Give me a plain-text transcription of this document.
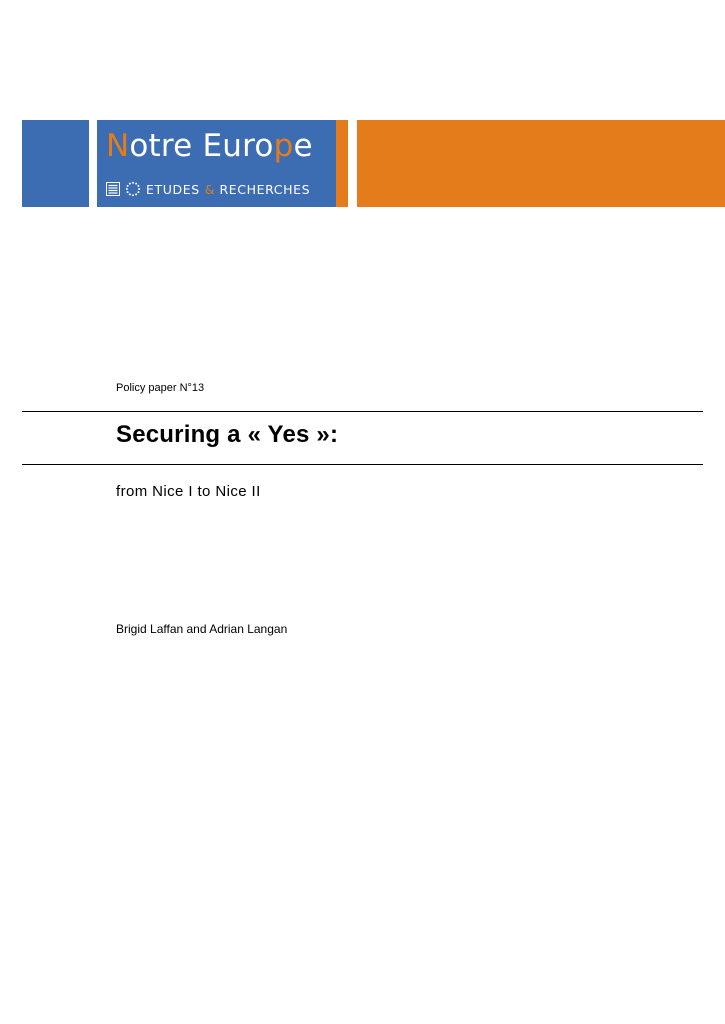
Notre Europe
ETUDES & RECHERCHES
Policy paper N°13
Securing a « Yes »:
from Nice I to Nice II
Brigid Laffan and Adrian Langan
